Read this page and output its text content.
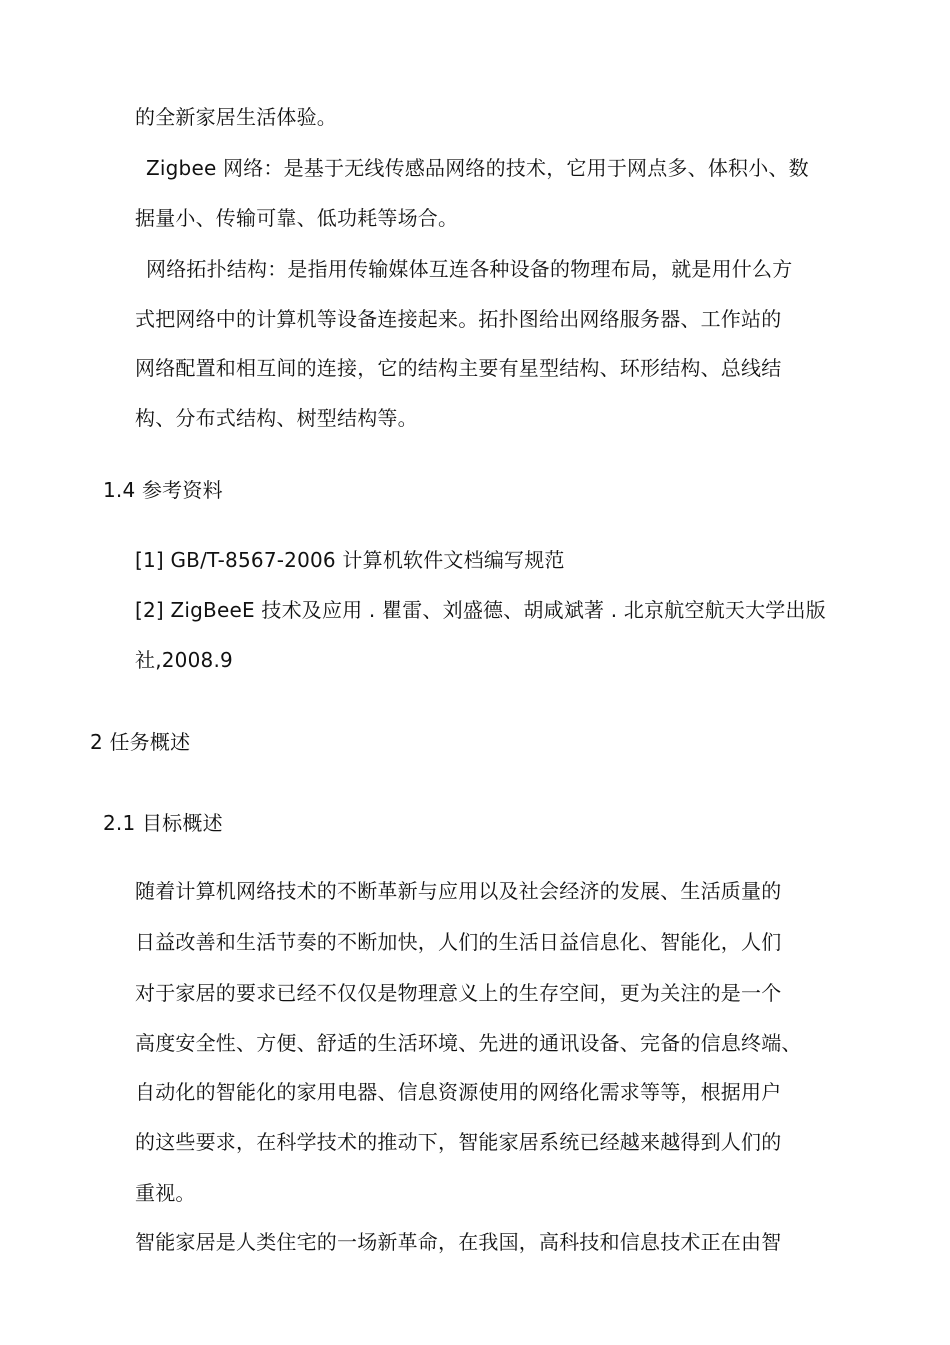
的全新家居生活体验。
Zigbee 网络：是基于无线传感品网络的技术，它用于网点多、体积小、数
据量小、传输可靠、低功耗等场合。
网络拓扑结构：是指用传输媒体互连各种设备的物理布局，就是用什么方
式把网络中的计算机等设备连接起来。拓扑图给出网络服务器、工作站的
网络配置和相互间的连接，它的结构主要有星型结构、环形结构、总线结
构、分布式结构、树型结构等。
1.4 参考资料
[1] GB/T-8567-2006 计算机软件文档编写规范
[2] ZigBeeE 技术及应用 . 瞿雷、刘盛德、胡咸斌著 . 北京航空航天大学出版
社,2008.9
2 任务概述
2.1 目标概述
随着计算机网络技术的不断革新与应用以及社会经济的发展、生活质量的
日益改善和生活节奏的不断加快，人们的生活日益信息化、智能化，人们
对于家居的要求已经不仅仅是物理意义上的生存空间，更为关注的是一个
高度安全性、方便、舒适的生活环境、先进的通讯设备、完备的信息终端、
自动化的智能化的家用电器、信息资源使用的网络化需求等等，根据用户
的这些要求，在科学技术的推动下，智能家居系统已经越来越得到人们的
重视。
智能家居是人类住宅的一场新革命，在我国，高科技和信息技术正在由智
